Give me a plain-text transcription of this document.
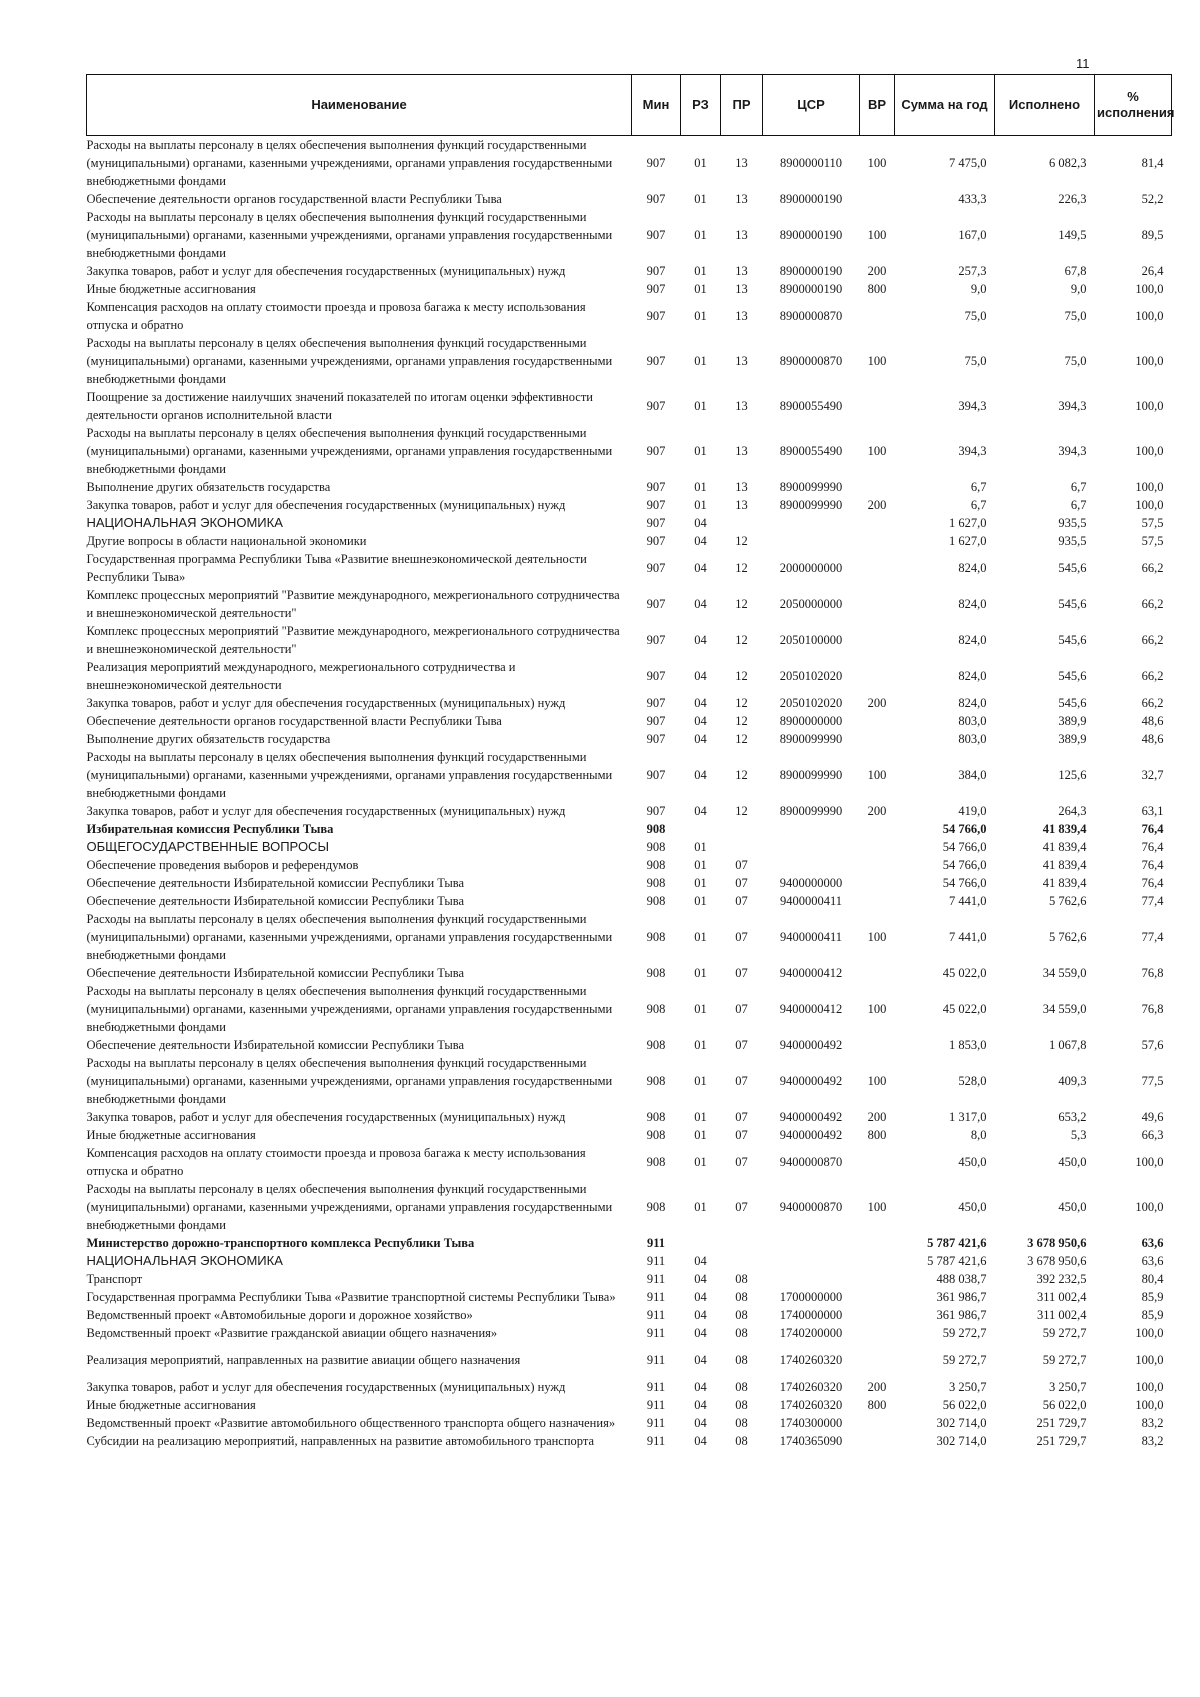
11
Наименование	Мин	РЗ	ПР	ЦСР	ВР	Сумма на год	Исполнено	% исполнения
Расходы на выплаты персоналу в целях обеспечения выполнения функций государственными (муниципальными) органами, казенными учреждениями, органами управления государственными внебюджетными фондами	907	01	13	8900000110	100	7 475,0	6 082,3	81,4
Обеспечение деятельности органов государственной власти Республики Тыва	907	01	13	8900000190		433,3	226,3	52,2
Расходы на выплаты персоналу в целях обеспечения выполнения функций государственными (муниципальными) органами, казенными учреждениями, органами управления государственными внебюджетными фондами	907	01	13	8900000190	100	167,0	149,5	89,5
Закупка товаров, работ и услуг для обеспечения государственных (муниципальных) нужд	907	01	13	8900000190	200	257,3	67,8	26,4
Иные бюджетные ассигнования	907	01	13	8900000190	800	9,0	9,0	100,0
Компенсация расходов на оплату стоимости проезда и провоза багажа к месту использования отпуска и обратно	907	01	13	8900000870		75,0	75,0	100,0
Расходы на выплаты персоналу в целях обеспечения выполнения функций государственными (муниципальными) органами, казенными учреждениями, органами управления государственными внебюджетными фондами	907	01	13	8900000870	100	75,0	75,0	100,0
Поощрение за достижение наилучших значений показателей по итогам оценки эффективности деятельности органов исполнительной власти	907	01	13	8900055490		394,3	394,3	100,0
Расходы на выплаты персоналу в целях обеспечения выполнения функций государственными (муниципальными) органами, казенными учреждениями, органами управления государственными внебюджетными фондами	907	01	13	8900055490	100	394,3	394,3	100,0
Выполнение других обязательств государства	907	01	13	8900099990		6,7	6,7	100,0
Закупка товаров, работ и услуг для обеспечения государственных (муниципальных) нужд	907	01	13	8900099990	200	6,7	6,7	100,0
НАЦИОНАЛЬНАЯ ЭКОНОМИКА	907	04				1 627,0	935,5	57,5
Другие вопросы в области национальной экономики	907	04	12			1 627,0	935,5	57,5
Государственная программа Республики Тыва «Развитие внешнеэкономической деятельности Республики Тыва»	907	04	12	2000000000		824,0	545,6	66,2
Комплекс процессных мероприятий "Развитие международного, межрегионального сотрудничества и внешнеэкономической деятельности"	907	04	12	2050000000		824,0	545,6	66,2
Комплекс процессных мероприятий "Развитие международного, межрегионального сотрудничества и внешнеэкономической деятельности"	907	04	12	2050100000		824,0	545,6	66,2
Реализация мероприятий международного, межрегионального сотрудничества и внешнеэкономической деятельности	907	04	12	2050102020		824,0	545,6	66,2
Закупка товаров, работ и услуг для обеспечения государственных (муниципальных) нужд	907	04	12	2050102020	200	824,0	545,6	66,2
Обеспечение деятельности органов государственной власти Республики Тыва	907	04	12	8900000000		803,0	389,9	48,6
Выполнение других обязательств государства	907	04	12	8900099990		803,0	389,9	48,6
Расходы на выплаты персоналу в целях обеспечения выполнения функций государственными (муниципальными) органами, казенными учреждениями, органами управления государственными внебюджетными фондами	907	04	12	8900099990	100	384,0	125,6	32,7
Закупка товаров, работ и услуг для обеспечения государственных (муниципальных) нужд	907	04	12	8900099990	200	419,0	264,3	63,1
Избирательная комиссия Республики Тыва	908					54 766,0	41 839,4	76,4
ОБЩЕГОСУДАРСТВЕННЫЕ ВОПРОСЫ	908	01				54 766,0	41 839,4	76,4
Обеспечение проведения выборов и референдумов	908	01	07			54 766,0	41 839,4	76,4
Обеспечение деятельности Избирательной комиссии Республики Тыва	908	01	07	9400000000		54 766,0	41 839,4	76,4
Обеспечение деятельности Избирательной комиссии Республики Тыва	908	01	07	9400000411		7 441,0	5 762,6	77,4
Расходы на выплаты персоналу в целях обеспечения выполнения функций государственными (муниципальными) органами, казенными учреждениями, органами управления государственными внебюджетными фондами	908	01	07	9400000411	100	7 441,0	5 762,6	77,4
Обеспечение деятельности Избирательной комиссии Республики Тыва	908	01	07	9400000412		45 022,0	34 559,0	76,8
Расходы на выплаты персоналу в целях обеспечения выполнения функций государственными (муниципальными) органами, казенными учреждениями, органами управления государственными внебюджетными фондами	908	01	07	9400000412	100	45 022,0	34 559,0	76,8
Обеспечение деятельности Избирательной комиссии Республики Тыва	908	01	07	9400000492		1 853,0	1 067,8	57,6
Расходы на выплаты персоналу в целях обеспечения выполнения функций государственными (муниципальными) органами, казенными учреждениями, органами управления государственными внебюджетными фондами	908	01	07	9400000492	100	528,0	409,3	77,5
Закупка товаров, работ и услуг для обеспечения государственных (муниципальных) нужд	908	01	07	9400000492	200	1 317,0	653,2	49,6
Иные бюджетные ассигнования	908	01	07	9400000492	800	8,0	5,3	66,3
Компенсация расходов на оплату стоимости проезда и провоза багажа к месту использования отпуска и обратно	908	01	07	9400000870		450,0	450,0	100,0
Расходы на выплаты персоналу в целях обеспечения выполнения функций государственными (муниципальными) органами, казенными учреждениями, органами управления государственными внебюджетными фондами	908	01	07	9400000870	100	450,0	450,0	100,0
Министерство дорожно-транспортного комплекса Республики Тыва	911					5 787 421,6	3 678 950,6	63,6
НАЦИОНАЛЬНАЯ ЭКОНОМИКА	911	04				5 787 421,6	3 678 950,6	63,6
Транспорт	911	04	08			488 038,7	392 232,5	80,4
Государственная программа Республики Тыва «Развитие транспортной системы Республики Тыва»	911	04	08	1700000000		361 986,7	311 002,4	85,9
Ведомственный проект «Автомобильные дороги и дорожное хозяйство»	911	04	08	1740000000		361 986,7	311 002,4	85,9
Ведомственный проект «Развитие гражданской авиации общего назначения»	911	04	08	1740200000		59 272,7	59 272,7	100,0
Реализация мероприятий, направленных на развитие авиации общего назначения	911	04	08	1740260320		59 272,7	59 272,7	100,0
Закупка товаров, работ и услуг для обеспечения государственных (муниципальных) нужд	911	04	08	1740260320	200	3 250,7	3 250,7	100,0
Иные бюджетные ассигнования	911	04	08	1740260320	800	56 022,0	56 022,0	100,0
Ведомственный проект «Развитие автомобильного общественного транспорта общего назначения»	911	04	08	1740300000		302 714,0	251 729,7	83,2
Субсидии на реализацию мероприятий, направленных на развитие автомобильного транспорта	911	04	08	1740365090		302 714,0	251 729,7	83,2
